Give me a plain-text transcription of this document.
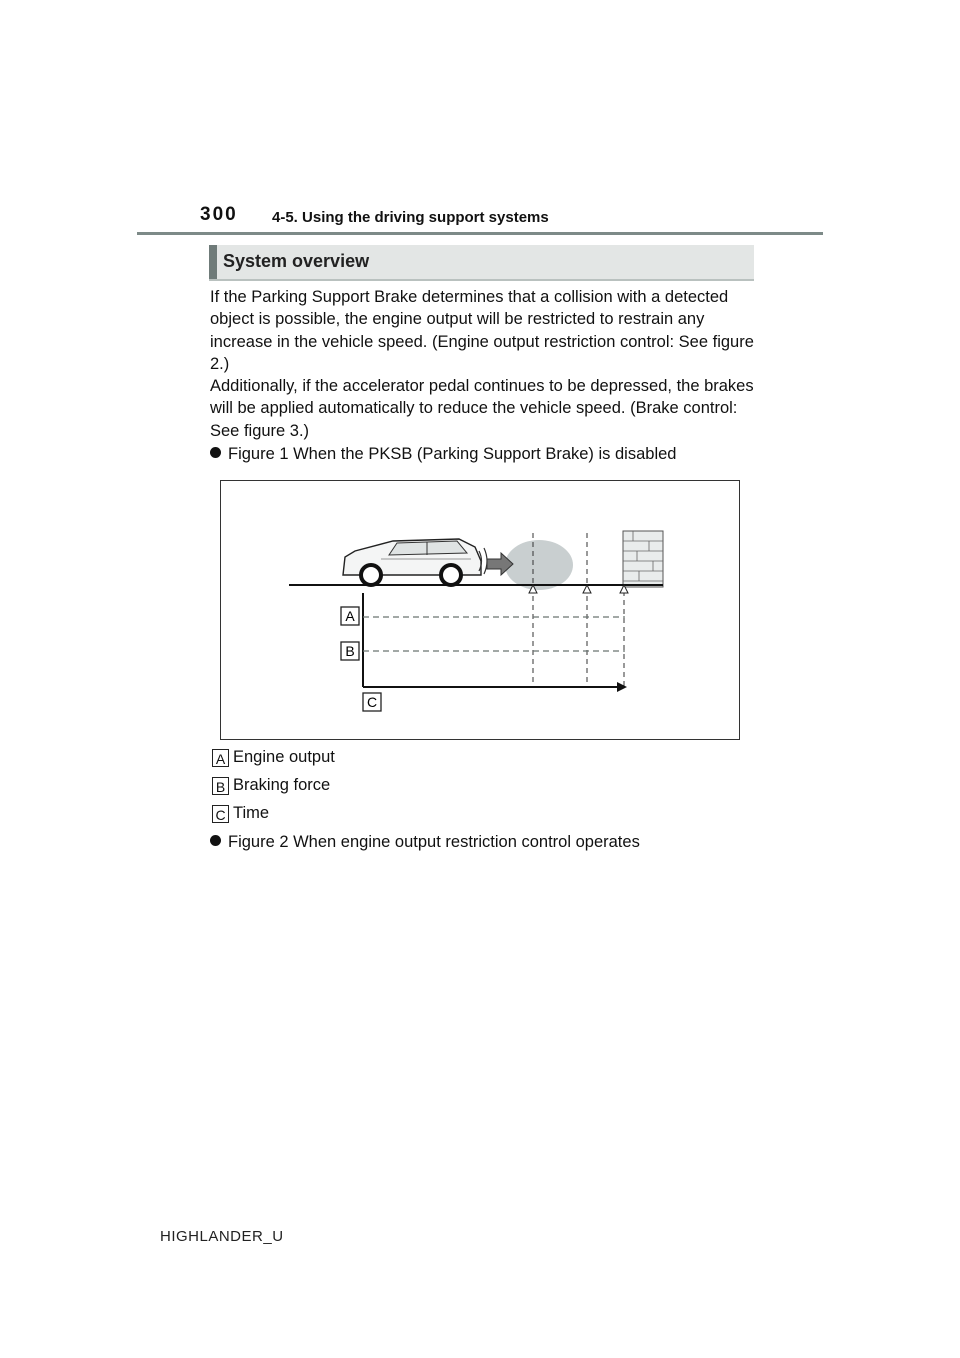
300 4-5. Using the driving support systems
System overview

If the Parking Support Brake determines that a collision with a detected object is possible, the engine output will be restricted to restrain any increase in the vehicle speed. (Engine output restriction control: See figure 2.)

Additionally, if the accelerator pedal continues to be depressed, the brakes will be applied automatically to reduce the vehicle speed. (Brake control: See figure 3.)

Figure 1 When the PKSB (Parking Support Brake) is disabled
A
B
C
A Engine output
B Braking force
C Time
Figure 2 When engine output restriction control operates
HIGHLANDER_U
